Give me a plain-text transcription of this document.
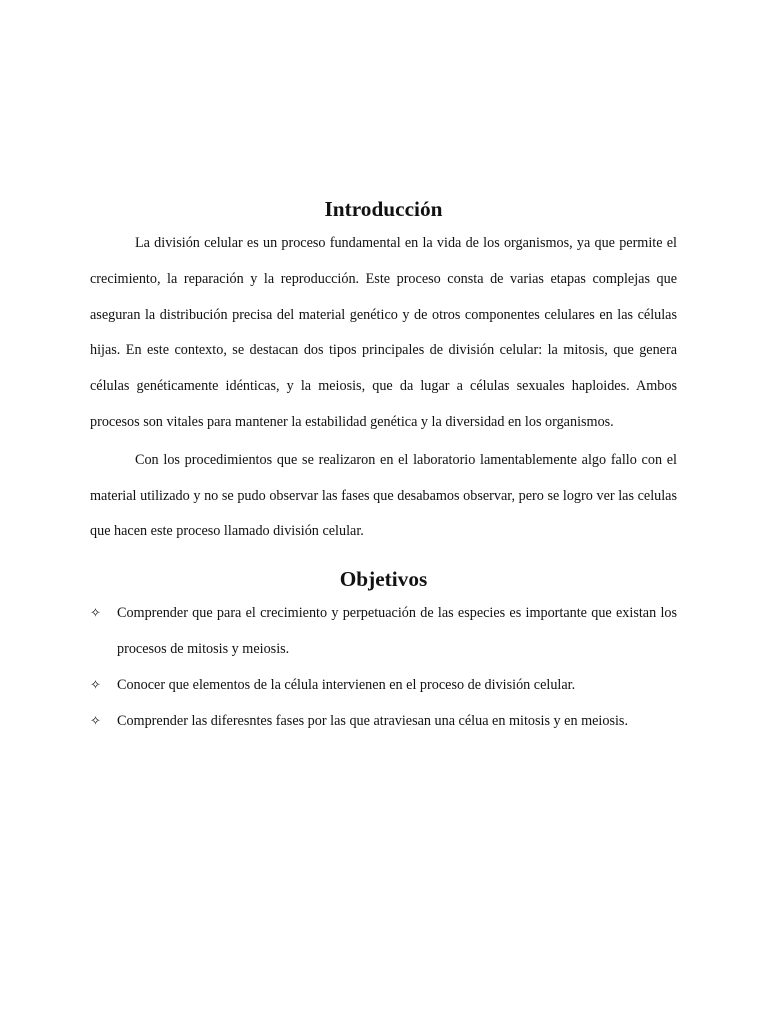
Introducción

La división celular es un proceso fundamental en la vida de los organismos, ya que permite el crecimiento, la reparación y la reproducción. Este proceso consta de varias etapas complejas que aseguran la distribución precisa del material genético y de otros componentes celulares en las células hijas. En este contexto, se destacan dos tipos principales de división celular: la mitosis, que genera células genéticamente idénticas, y la meiosis, que da lugar a células sexuales haploides. Ambos procesos son vitales para mantener la estabilidad genética y la diversidad en los organismos.

Con los procedimientos que se realizaron en el laboratorio lamentablemente algo fallo con el material utilizado y no se pudo observar las fases que desabamos observar, pero se logro ver las celulas que hacen este proceso llamado división celular.

Objetivos
✧ Comprender que para el crecimiento y perpetuación de las especies es importante que existan los procesos de mitosis y meiosis.
✧ Conocer que elementos de la célula intervienen en el proceso de división celular.
✧ Comprender las diferesntes fases por las que atraviesan una célua en mitosis y en meiosis.
